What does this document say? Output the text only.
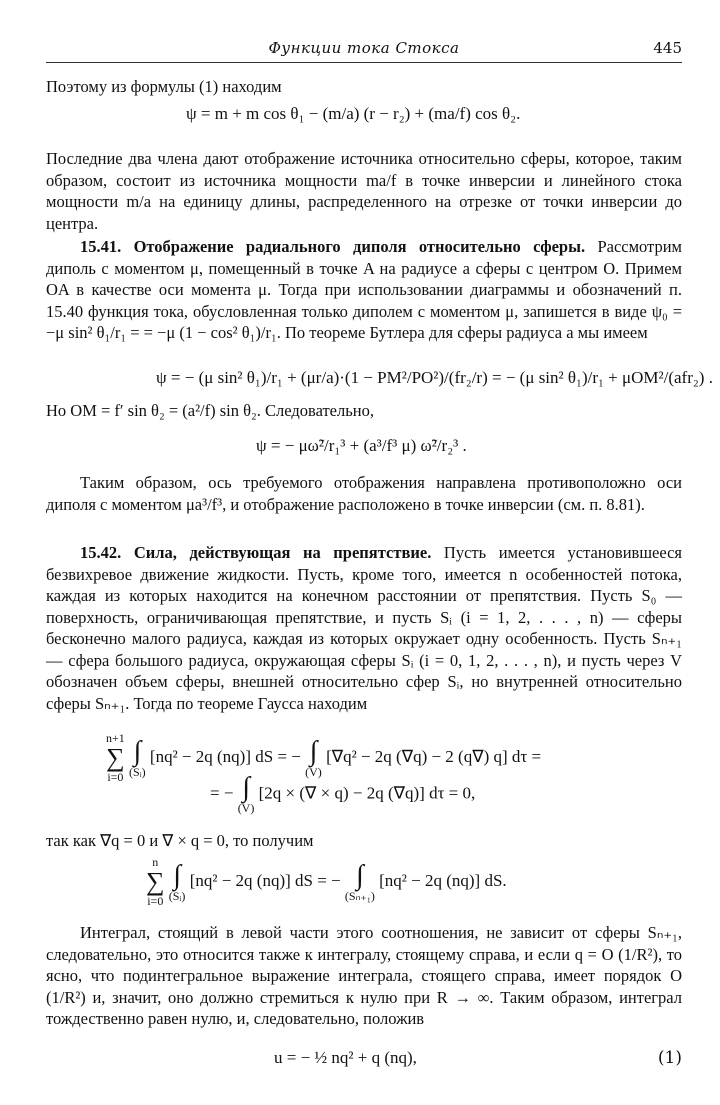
Функции тока Стокса	445
Поэтому из формулы (1) находим
ψ = m + m cos θ₁ − (m/a) (r − r₂) + (ma/f) cos θ₂.
Последние два члена дают отображение источника относительно сферы, которое, таким образом, состоит из источника мощности ma/f в точке инверсии и линейного стока мощности m/a на единицу длины, распределенного на отрезке от точки инверсии до центра.
15.41. Отображение радиального диполя относительно сферы. Рассмотрим диполь с моментом μ, помещенный в точке A на радиусе a сферы с центром O. Примем OA в качестве оси момента μ. Тогда при использовании диаграммы и обозначений п. 15.40 функция тока, обусловленная только диполем с моментом μ, запишется в виде ψ₀ = −μ sin² θ₁/r₁ = = −μ (1 − cos² θ₁)/r₁. По теореме Бутлера для сферы радиуса a мы имеем
ψ = − (μ sin² θ₁)/r₁ + (μr/a)·(1 − PM²/PO²)/(fr₂/r) = − (μ sin² θ₁)/r₁ + μOM²/(afr₂) .
Но OM = f′ sin θ₂ = (a²/f) sin θ₂. Следовательно,
ψ = − μω̃²/r₁³ + (a³/f³ μ) ω̃²/r₂³ .
Таким образом, ось требуемого отображения направлена противоположно оси диполя с моментом μa³/f³, и отображение расположено в точке инверсии (см. п. 8.81).
15.42. Сила, действующая на препятствие. Пусть имеется установившееся безвихревое движение жидкости. Пусть, кроме того, имеется n особенностей потока, каждая из которых находится на конечном расстоянии от препятствия. Пусть S₀ — поверхность, ограничивающая препятствие, и пусть Sᵢ (i = 1, 2, . . . , n) — сферы бесконечно малого радиуса, каждая из которых окружает одну особенность. Пусть Sₙ₊₁ — сфера большого радиуса, окружающая сферы Sᵢ (i = 0, 1, 2, . . . , n), и пусть через V обозначен объем сферы, внешней относительно сфер Sᵢ, но внутренней относительно сферы Sₙ₊₁. Тогда по теореме Гаусса находим
n+1
∑
i=0

∫
(Sᵢ)
[nq² − 2q (nq)] dS = − ∫
(V)
[∇q² − 2q (∇q) − 2 (q∇) q] dτ =
= − ∫
(V)
[2q × (∇ × q) − 2q (∇q)] dτ = 0,
так как ∇q = 0 и ∇ × q = 0, то получим
n
∑
i=0

∫
(Sᵢ)
[nq² − 2q (nq)] dS = − ∫
(Sₙ₊₁)
[nq² − 2q (nq)] dS.
Интеграл, стоящий в левой части этого соотношения, не зависит от сферы Sₙ₊₁, следовательно, это относится также к интегралу, стоящему справа, и если q = O (1/R²), то ясно, что подинтегральное выражение интеграла, стоящего справа, имеет порядок O (1/R²) и, значит, оно должно стремиться к нулю при R → ∞. Таким образом, интеграл тождественно равен нулю, и, следовательно, положив
u = − ½ nq² + q (nq),	(1)
